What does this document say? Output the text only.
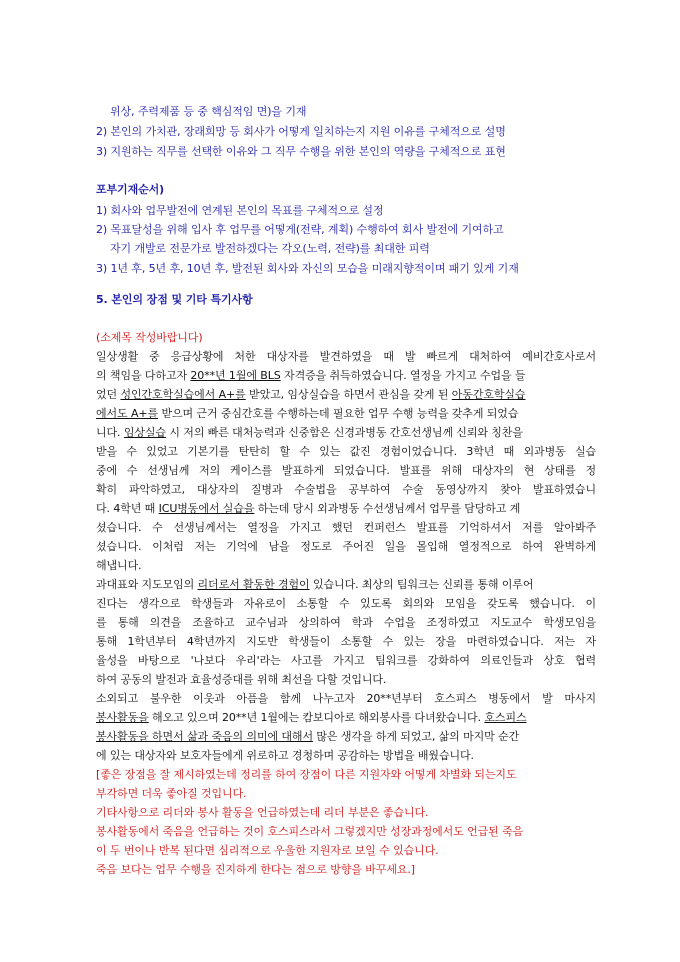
위상, 주력제품 등 중 핵심적임 면)을 기재
2) 본인의 가치관, 장래희망 등 회사가 어떻게 일치하는지 지원 이유를 구체적으로 설명
3) 지원하는 직무를 선택한 이유와 그 직무 수행을 위한 본인의 역량을 구체적으로 표현
포부기재순서)
1) 회사와 업무발전에 연계된 본인의 목표를 구체적으로 설정
2) 목표달성을 위해 입사 후 업무를 어떻게(전략, 계획) 수행하여 회사 발전에 기여하고
자기 개발로 전문가로 발전하겠다는 각오(노력, 전략)를 최대한 피력
3) 1년 후, 5년 후, 10년 후, 발전된 회사와 자신의 모습을 미래지향적이며 패기 있게 기재
5. 본인의 장점 및 기타 특기사항
(소제목 작성바랍니다)
일상생활 중 응급상황에 처한 대상자를 발견하였을 때 발 빠르게 대처하여 예비간호사로서
의 책임을 다하고자 20**년 1월에 BLS 자격증을 취득하였습니다. 열정을 가지고 수업을 들
었던 성인간호학실습에서 A+를 받았고, 임상실습을 하면서 관심을 갖게 된 아동간호학실습
에서도 A+를 받으며 근거 중심간호를 수행하는데 필요한 업무 수행 능력을 갖추게 되었습
니다. 임상실습 시 저의 빠른 대처능력과 신중함은 신경과병동 간호선생님께 신뢰와 칭찬을
받을 수 있었고 기본기를 탄탄히 할 수 있는 값진 경험이었습니다. 3학년 때 외과병동 실습
중에 수 선생님께 저의 케이스를 발표하게 되었습니다. 발표를 위해 대상자의 현 상태를 정
확히 파악하였고, 대상자의 질병과 수술법을 공부하여 수술 동영상까지 찾아 발표하였습니
다. 4학년 때 ICU병동에서 실습을 하는데 당시 외과병동 수선생님께서 업무를 담당하고 계
셨습니다. 수 선생님께서는 열정을 가지고 했던 컨퍼런스 발표를 기억하셔서 저를 알아봐주
셨습니다. 이처럼 저는 기억에 남을 정도로 주어진 일을 몰입해 열정적으로 하여 완벽하게
해냅니다.
과대표와 지도모임의 리더로서 활동한 경험이 있습니다. 최상의 팀워크는 신뢰를 통해 이루어
진다는 생각으로 학생들과 자유로이 소통할 수 있도록 회의와 모임을 갖도록 했습니다. 이
를 통해 의견을 조율하고 교수님과 상의하여 학과 수업을 조정하였고 지도교수 학생모임을
통해 1학년부터 4학년까지 지도반 학생들이 소통할 수 있는 장을 마련하였습니다. 저는 자
율성을 바탕으로 '나보다 우리'라는 사고를 가지고 팀워크를 강화하여 의료인들과 상호 협력
하여 공동의 발전과 효율성증대를 위해 최선을 다할 것입니다.
소외되고 불우한 이웃과 아픔을 함께 나누고자 20**년부터 호스피스 병동에서 발 마사지
봉사활동을 해오고 있으며 20**년 1월에는 캄보디아로 해외봉사를 다녀왔습니다. 호스피스
봉사활동을 하면서 삶과 죽음의 의미에 대해서 많은 생각을 하게 되었고, 삶의 마지막 순간
에 있는 대상자와 보호자들에게 위로하고 경청하며 공감하는 방법을 배웠습니다.
[좋은 장점을 잘 제시하였는데 정리를 하여 장점이 다른 지원자와 어떻게 차별화 되는지도
부각하면 더욱 좋아질 것입니다.
기타사항으로 리더와 봉사 활동을 언급하였는데 리더 부분은 좋습니다.
봉사활동에서 죽음을 언급하는 것이 호스피스라서 그렇겠지만 성장과정에서도 언급된 죽음
이 두 번이나 반복 된다면 심리적으로 우울한 지원자로 보일 수 있습니다.
죽음 보다는 업무 수행을 진지하게 한다는 점으로 방향을 바꾸세요.]
